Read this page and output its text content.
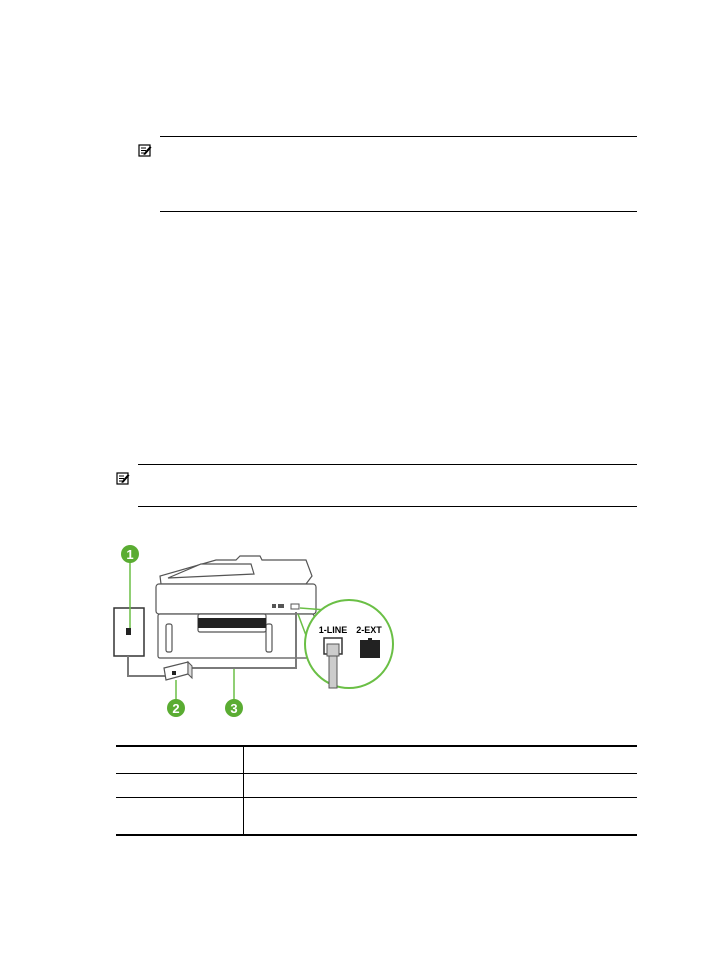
1
2	3
1-LINE 2-EXT
